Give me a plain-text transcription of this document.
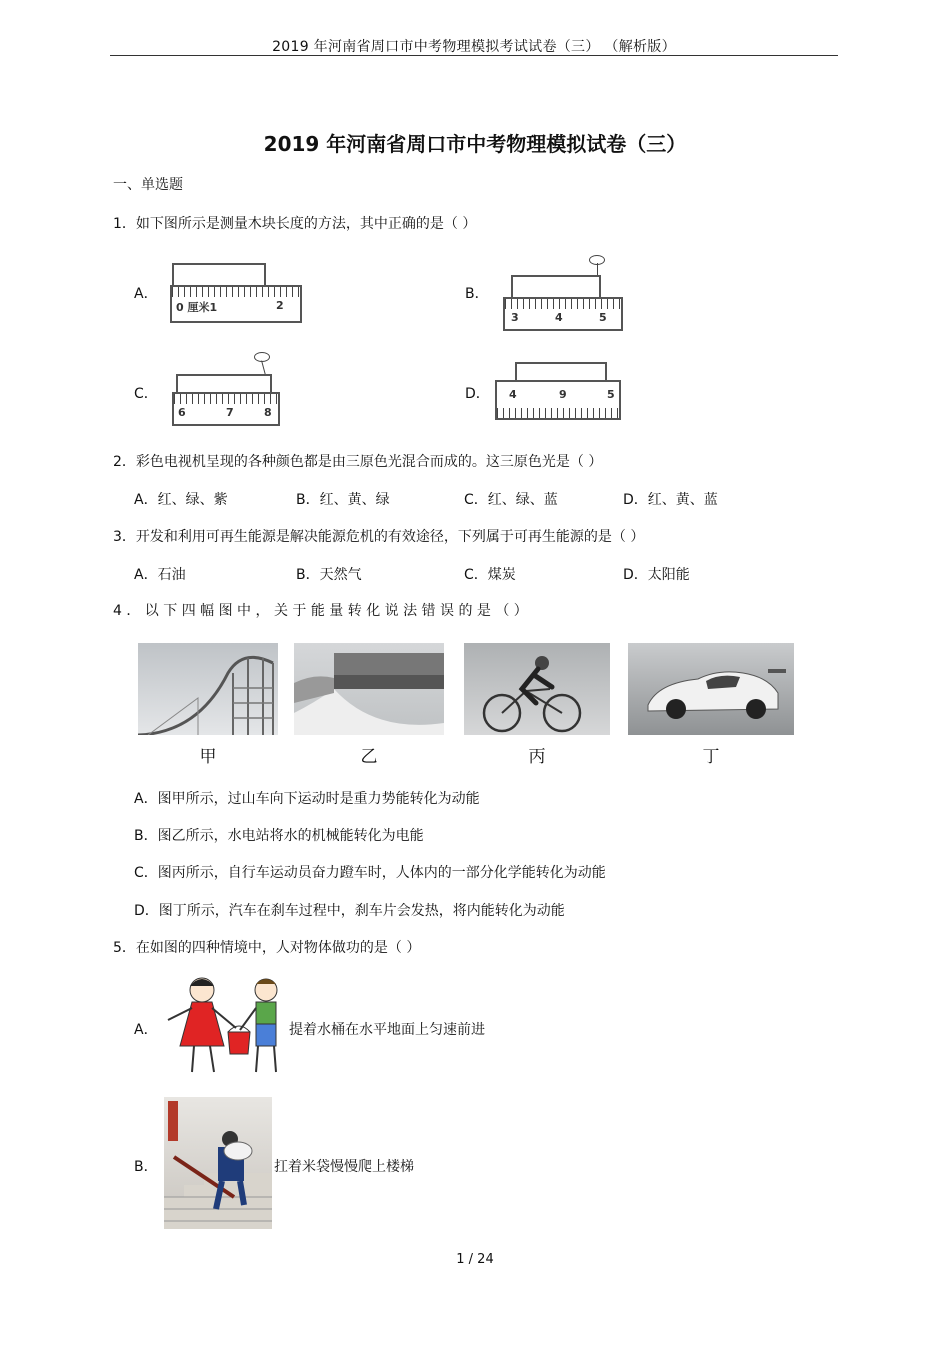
2019 年河南省周口市中考物理模拟考试试卷（三） （解析版）
2019 年河南省周口市中考物理模拟试卷（三）
一、单选题
1．如下图所示是测量木块长度的方法，其中正确的是（ ）
A．
0 厘米1	2
B．
3	4	5
C．
6	7	8
D． 4	9	5
2．彩色电视机呈现的各种颜色都是由三原色光混合而成的。这三原色光是（ ）
A．红、绿、紫	B．红、黄、绿	C．红、绿、蓝	D．红、黄、蓝
3．开发和利用可再生能源是解决能源危机的有效途径，下列属于可再生能源的是（ ）
A．石油	B．天然气	C．煤炭	D．太阳能
4 ． 以 下 四 幅 图 中 ， 关 于 能 量 转 化 说 法 错 误 的 是 （ ）
甲	乙	丙	丁
A．图甲所示，过山车向下运动时是重力势能转化为动能
B．图乙所示，水电站将水的机械能转化为电能
C．图丙所示，自行车运动员奋力蹬车时，人体内的一部分化学能转化为动能
D．图丁所示，汽车在刹车过程中，刹车片会发热，将内能转化为动能
5．在如图的四种情境中，人对物体做功的是（ ）
A．	提着水桶在水平地面上匀速前进
B．	扛着米袋慢慢爬上楼梯
1 / 24
